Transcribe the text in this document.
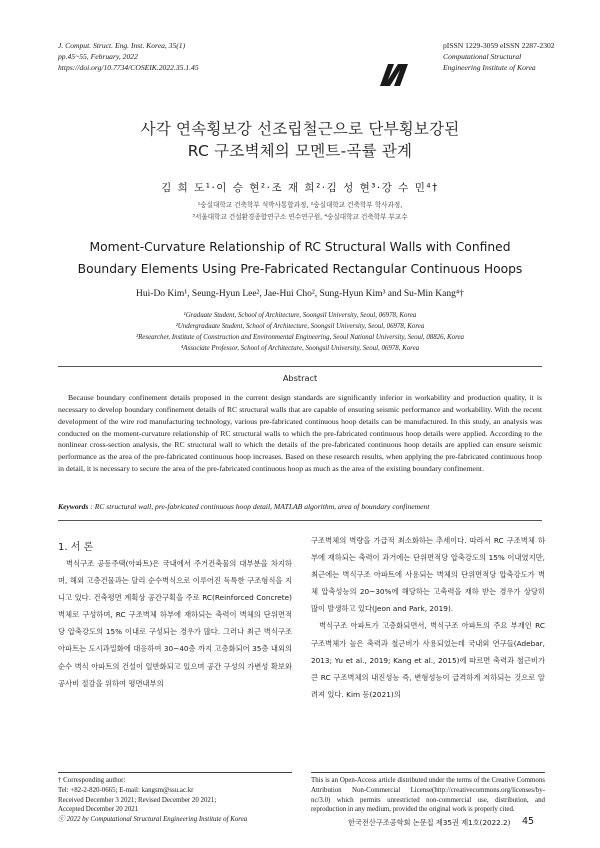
J. Comput. Struct. Eng. Inst. Korea, 35(1)
pp.45~55, February, 2022
https://doi.org/10.7734/COSEIK.2022.35.1.45
pISSN 1229-3059 eISSN 2287-2302
Computational Structural
Engineering Institute of Korea
사각 연속횡보강 선조립철근으로 단부횡보강된
RC 구조벽체의 모멘트-곡률 관계
김 희 도¹·이 승 현²·조 재 희²·김 성 현³·강 수 민⁴†
¹숭실대학교 건축학부 석박사통합과정, ²숭실대학교 건축학부 학사과정,
³서울대학교 건설환경종합연구소 연수연구원, ⁴숭실대학교 건축학부 부교수
Moment-Curvature Relationship of RC Structural Walls with Confined
Boundary Elements Using Pre-Fabricated Rectangular Continuous Hoops
Hui-Do Kim¹, Seung-Hyun Lee², Jae-Hui Cho², Sung-Hyun Kim³ and Su-Min Kang⁴†
¹Graduate Student, School of Architecture, Soongsil University, Seoul, 06978, Korea
²Undergraduate Student, School of Architecture, Soongsil University, Seoul, 06978, Korea
³Researcher, Institute of Construction and Environmental Engineering, Seoul National University, Seoul, 08826, Korea
⁴Associate Professor, School of Architecture, Soongsil University, Seoul, 06978, Korea
Abstract
Because boundary confinement details proposed in the current design standards are significantly inferior in workability and production quality, it is necessary to develop boundary confinement details of RC structural walls that are capable of ensuring seismic performance and workability. With the recent development of the wire rod manufacturing technology, various pre-fabricated continuous hoop details can be manufactured. In this study, an analysis was conducted on the moment-curvature relationship of RC structural walls to which the pre-fabricated continuous hoop details were applied. According to the nonlinear cross-section analysis, the RC structural wall to which the details of the pre-fabricated continuous hoop details are applied can ensure seismic performance as the area of the pre-fabricated continuous hoop increases. Based on these research results, when applying the pre-fabricated continuous hoop in detail, it is necessary to secure the area of the pre-fabricated continuous hoop as much as the area of the existing boundary confinement.
Keywords : RC structural wall, pre-fabricated continuous hoop detail, MATLAB algorithm, area of boundary confinement
1. 서 론
벽식구조 공동주택(아파트)은 국내에서 주거건축물의 대부분을 차지하며, 해외 고층건물과는 달리 순수벽식으로 이루어진 독특한 구조형식을 지니고 있다. 건축평면 계획상 공간구획을 주로 RC(Reinforced Concrete) 벽체로 구성하며, RC 구조벽체 하부에 재하되는 축력이 벽체의 단위면적당 압축강도의 15% 이내로 구성되는 경우가 많다. 그러나 최근 벽식구조 아파트는 도시과밀화에 대응하여 30~40층 까지 고층화되어 35층 내외의 순수 벽식 아파트의 건설이 일반화되고 있으며 공간 구성의 가변성 확보와 공사비 절감을 위하여 평면내부의

구조벽체의 벽량을 가급적 최소화하는 추세이다. 따라서 RC 구조벽체 하부에 재하되는 축력이 과거에는 단위면적당 압축강도의 15% 이내였지만, 최근에는 벽식구조 아파트에 사용되는 벽체의 단위면적당 압축강도가 벽체 압축성능의 20~30%에 해당하는 고축력을 재하 받는 경우가 상당히 많이 발생하고 있다(Jeon and Park, 2019).

벽식구조 아파트가 고층화되면서, 벽식구조 아파트의 주요 부재인 RC 구조벽체가 높은 축력과 철근비가 사용되었는데 국내외 연구들(Adebar, 2013; Yu et al., 2019; Kang et al., 2015)에 따르면 축력과 철근비가 큰 RC 구조벽체의 내진성능 즉, 변형성능이 급격하게 저하되는 것으로 알려져 있다. Kim 등(2021)의

† Corresponding author:
Tel: +82-2-820-0665; E-mail: kangsm@ssu.ac.kr
Received December 3 2021; Revised December 20 2021;
Accepted December 20 2021
ⓒ 2022 by Computational Structural Engineering Institute of Korea
This is an Open-Access article distributed under the terms of the Creative Commons Attribution Non-Commercial License(http://creativecommons.org/licenses/by-nc/3.0) which permits unrestricted non-commercial use, distribution, and reproduction in any medium, provided the original work is properly cited.
한국전산구조공학회 논문집 제35권 제1호(2022.2) 45
